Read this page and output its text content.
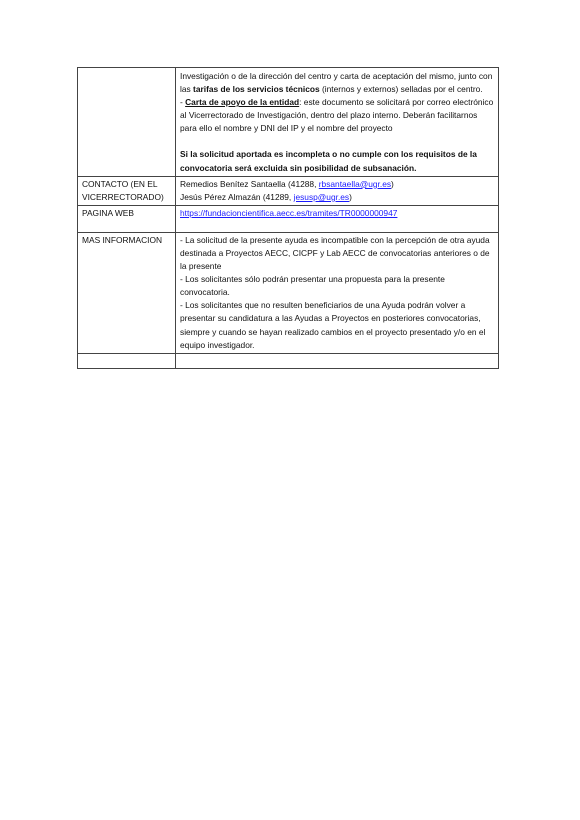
	Investigación o de la dirección del centro y carta de aceptación del mismo, junto con las tarifas de los servicios técnicos (internos y externos) selladas por el centro.

- Carta de apoyo de la entidad: este documento se solicitará por correo electrónico al Vicerrectorado de Investigación, dentro del plazo interno. Deberán facilitarnos para ello el nombre y DNI del IP y el nombre del proyecto

Si la solicitud aportada es incompleta o no cumple con los requisitos de la convocatoria será excluida sin posibilidad de subsanación.

CONTACTO (EN EL VICERRECTORADO)	Remedios Benítez Santaella (41288, rbsantaella@ugr.es)

Jesús Pérez Almazán (41289, jesusp@ugr.es)

PAGINA WEB	https://fundacioncientifica.aecc.es/tramites/TR0000000947
MAS INFORMACION	- La solicitud de la presente ayuda es incompatible con la percepción de otra ayuda destinada a Proyectos AECC, CICPF y Lab AECC de convocatorias anteriores o de la presente

- Los solicitantes sólo podrán presentar una propuesta para la presente convocatoria.

- Los solicitantes que no resulten beneficiarios de una Ayuda podrán volver a presentar su candidatura a las Ayudas a Proyectos en posteriores convocatorias, siempre y cuando se hayan realizado cambios en el proyecto presentado y/o en el equipo investigador.
